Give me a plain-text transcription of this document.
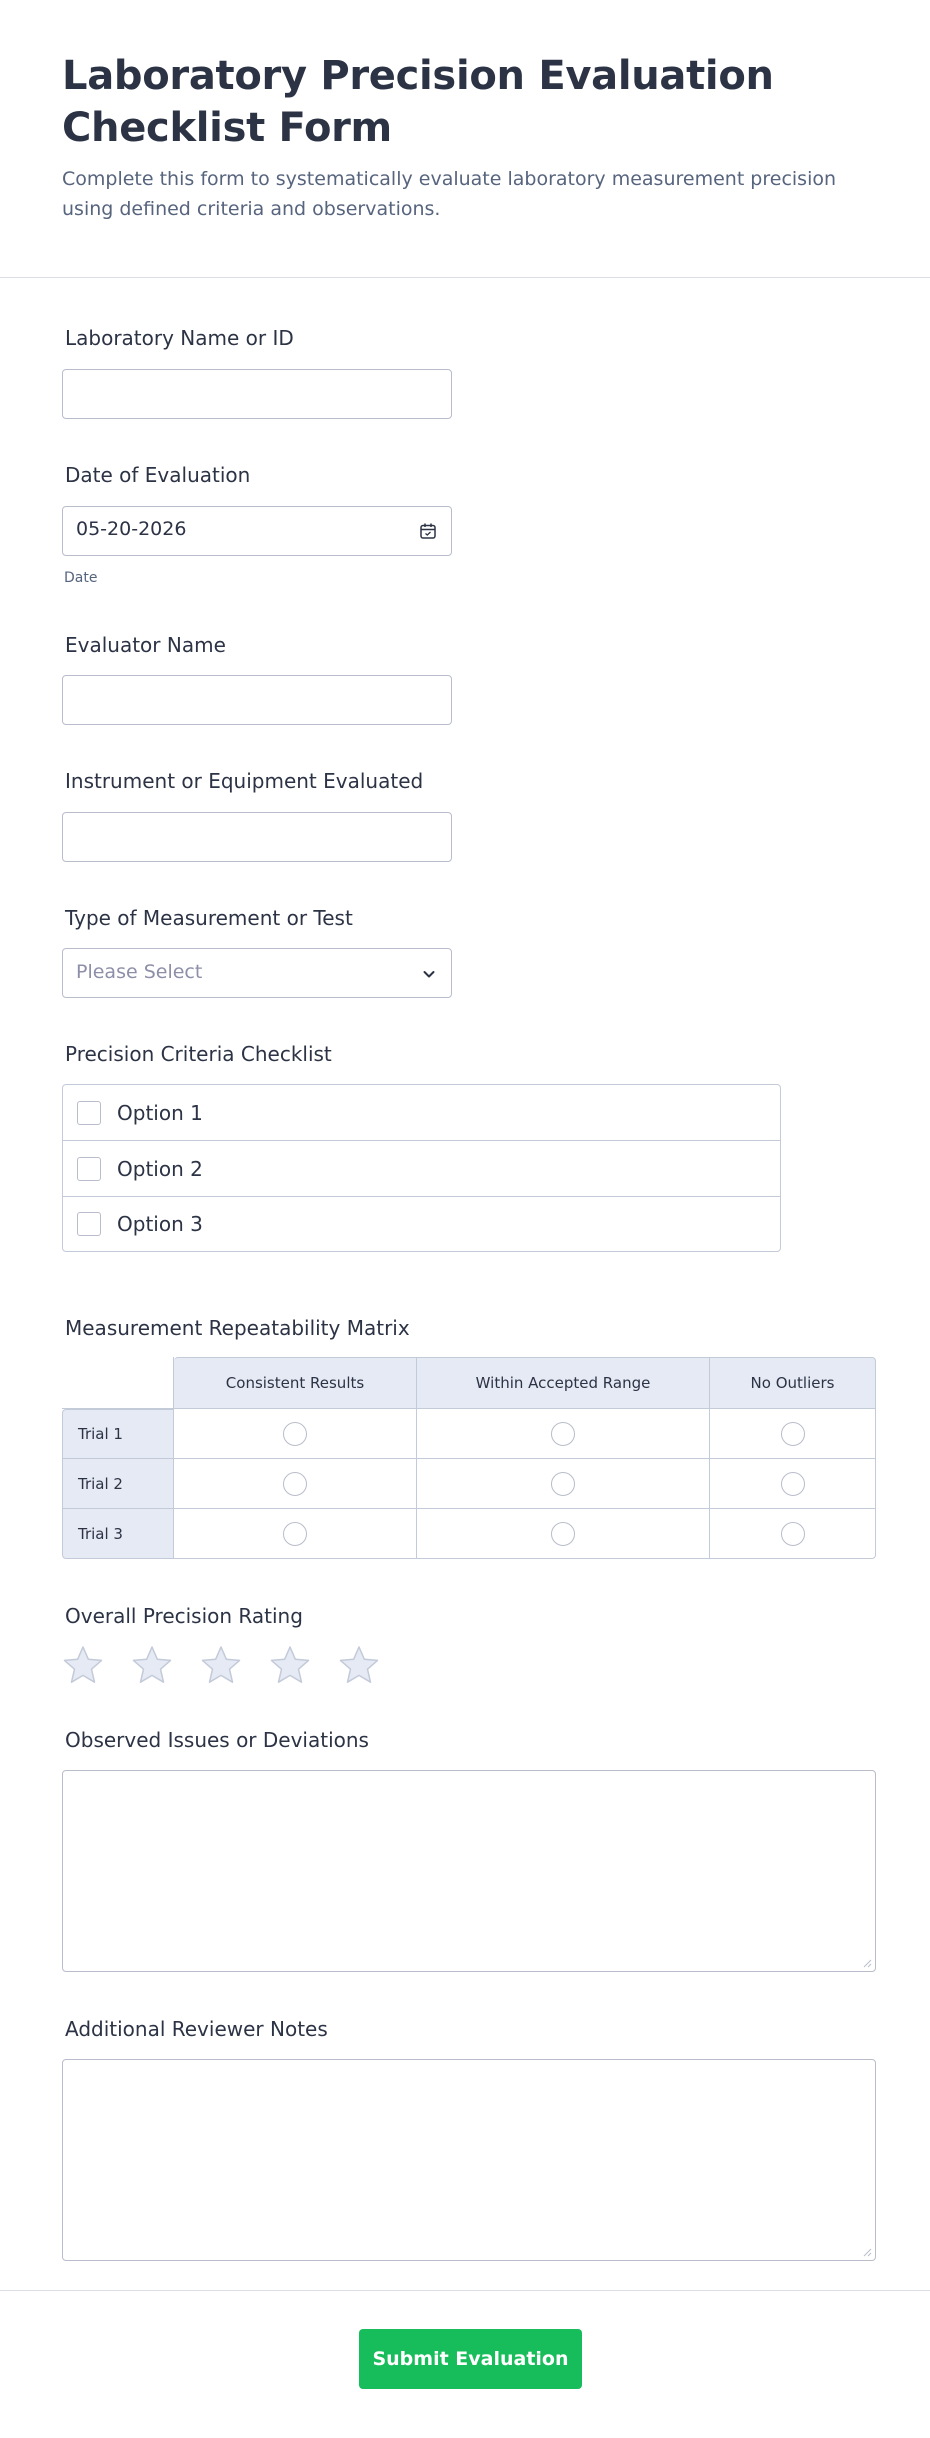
Laboratory Precision Evaluation Checklist Form

Complete this form to systematically evaluate laboratory measurement precision using defined criteria and observations.

Laboratory Name or ID
Date of Evaluation
05-20-2026
Date
Evaluator Name
Instrument or Equipment Evaluated
Type of Measurement or Test
Please Select
Precision Criteria Checklist
Option 1
Option 2
Option 3
Measurement Repeatability Matrix
	Consistent Results	Within Accepted Range	No Outliers
Trial 1			
Trial 2			
Trial 3			
Overall Precision Rating
Observed Issues or Deviations
Additional Reviewer Notes
Submit Evaluation
